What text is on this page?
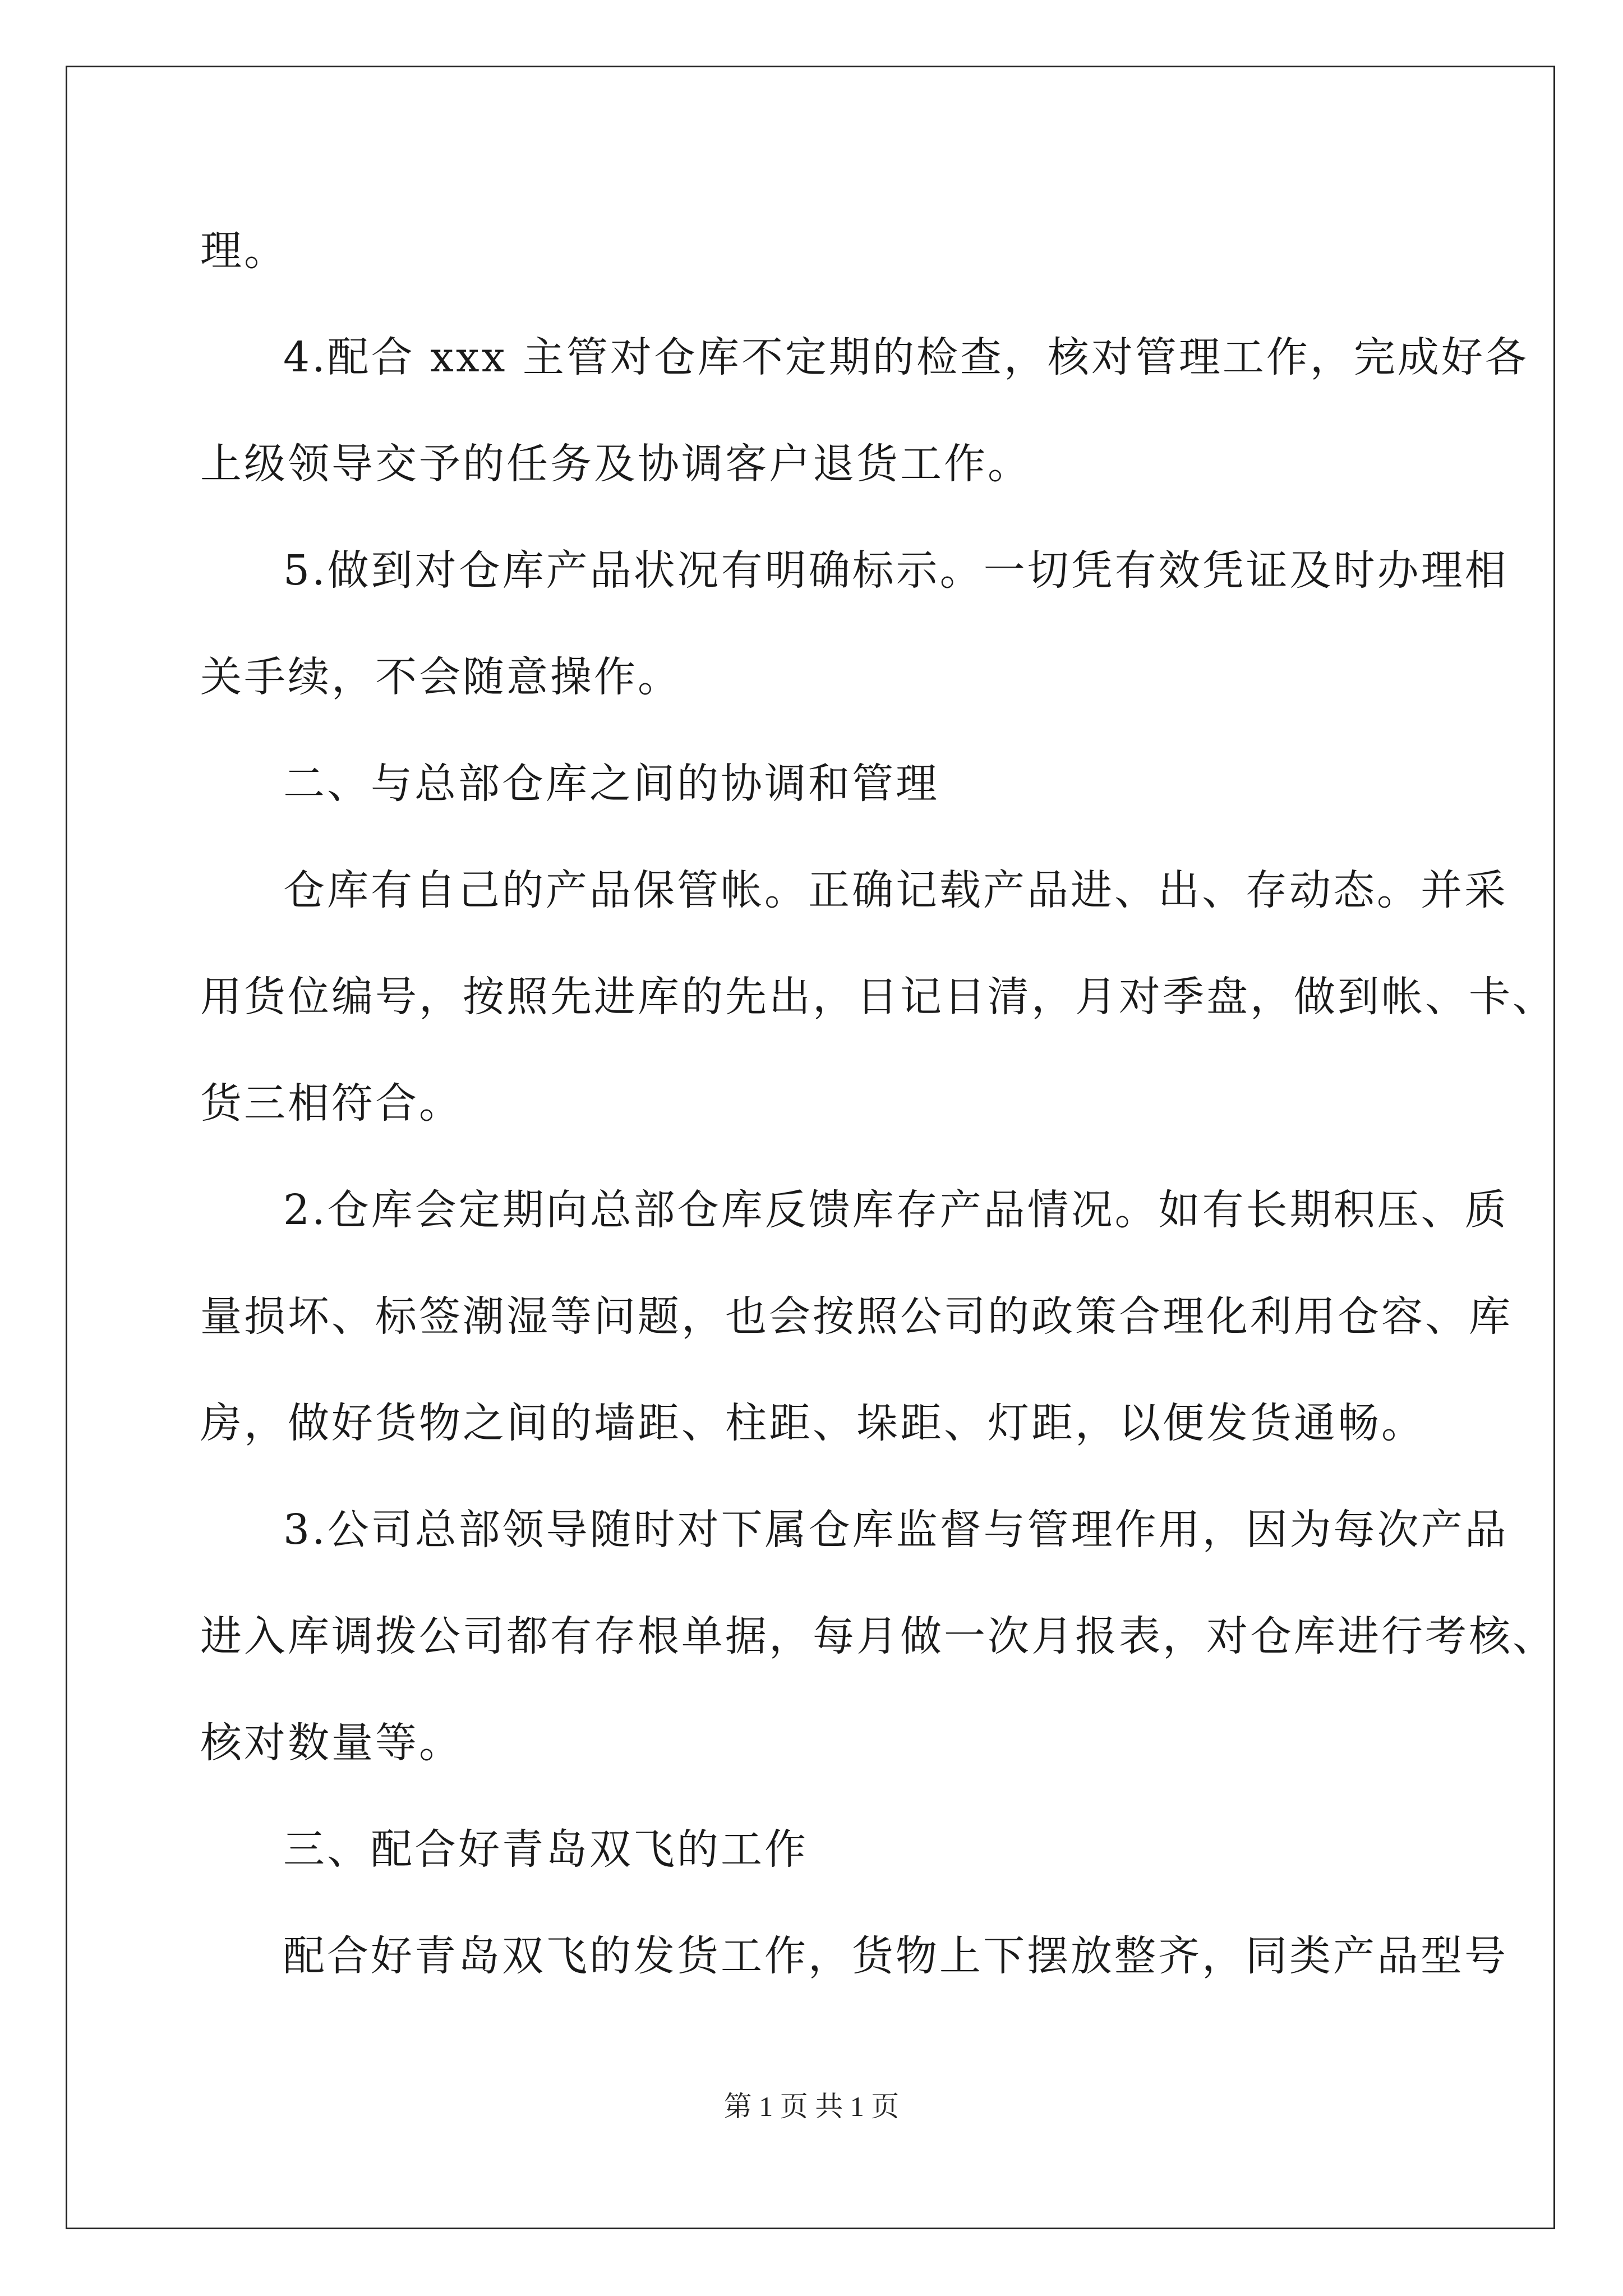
理。
4.配合 xxx 主管对仓库不定期的检查，核对管理工作，完成好各
上级领导交予的任务及协调客户退货工作。
5.做到对仓库产品状况有明确标示。一切凭有效凭证及时办理相
关手续，不会随意操作。
二、与总部仓库之间的协调和管理
仓库有自己的产品保管帐。正确记载产品进、出、存动态。并采
用货位编号，按照先进库的先出，日记日清，月对季盘，做到帐、卡、
货三相符合。
2.仓库会定期向总部仓库反馈库存产品情况。如有长期积压、质
量损坏、标签潮湿等问题，也会按照公司的政策合理化利用仓容、库
房，做好货物之间的墙距、柱距、垛距、灯距，以便发货通畅。
3.公司总部领导随时对下属仓库监督与管理作用，因为每次产品
进入库调拨公司都有存根单据，每月做一次月报表，对仓库进行考核、
核对数量等。
三、配合好青岛双飞的工作
配合好青岛双飞的发货工作，货物上下摆放整齐，同类产品型号
第 1 页 共 1 页
